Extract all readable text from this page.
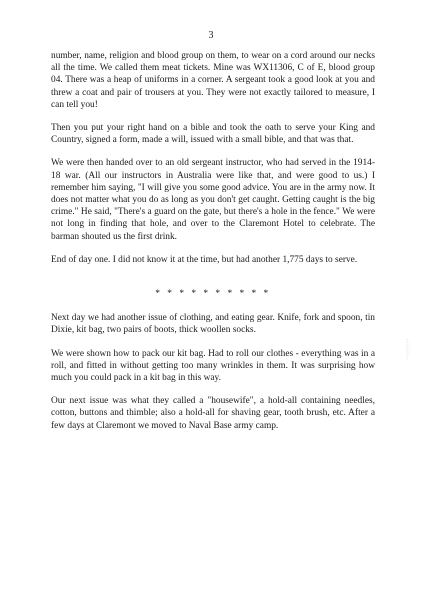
3

number, name, religion and blood group on them, to wear on a cord around our necks all the time. We called them meat tickets. Mine was WX11306, C of E, blood group 04. There was a heap of uniforms in a corner. A sergeant took a good look at you and threw a coat and pair of trousers at you. They were not exactly tailored to measure, I can tell you!

Then you put your right hand on a bible and took the oath to serve your King and Country, signed a form, made a will, issued with a small bible, and that was that.

We were then handed over to an old sergeant instructor, who had served in the 1914-18 war. (All our instructors in Australia were like that, and were good to us.) I remember him saying, "I will give you some good advice. You are in the army now. It does not matter what you do as long as you don't get caught. Getting caught is the big crime." He said, "There's a guard on the gate, but there's a hole in the fence." We were not long in finding that hole, and over to the Claremont Hotel to celebrate. The barman shouted us the first drink.

End of day one. I did not know it at the time, but had another 1,775 days to serve.

* * * * * * * * * *

Next day we had another issue of clothing, and eating gear. Knife, fork and spoon, tin Dixie, kit bag, two pairs of boots, thick woollen socks.

We were shown how to pack our kit bag. Had to roll our clothes - everything was in a roll, and fitted in without getting too many wrinkles in them. It was surprising how much you could pack in a kit bag in this way.

Our next issue was what they called a "housewife", a hold-all containing needles, cotton, buttons and thimble; also a hold-all for shaving gear, tooth brush, etc. After a few days at Claremont we moved to Naval Base army camp.
